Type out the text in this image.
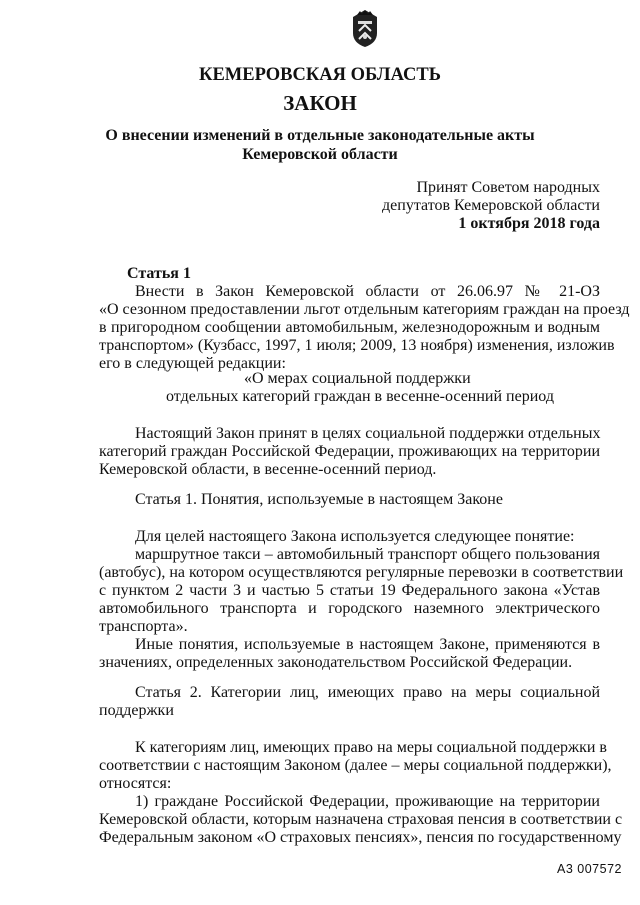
КЕМЕРОВСКАЯ ОБЛАСТЬ
ЗАКОН
О внесении изменений в отдельные законодательные акты
Кемеровской области
Принят Советом народных
депутатов Кемеровской области
1 октября 2018 года
Статья 1
Внести в Закон Кемеровской области от 26.06.97 № 21-ОЗ
«О сезонном предоставлении льгот отдельным категориям граждан на проезд
в пригородном сообщении автомобильным, железнодорожным и водным
транспортом» (Кузбасс, 1997, 1 июля; 2009, 13 ноября) изменения, изложив
его в следующей редакции:
«О мерах социальной поддержки
отдельных категорий граждан в весенне-осенний период
Настоящий Закон принят в целях социальной поддержки отдельных
категорий граждан Российской Федерации, проживающих на территории
Кемеровской области, в весенне-осенний период.
Статья 1. Понятия, используемые в настоящем Законе
Для целей настоящего Закона используется следующее понятие:
маршрутное такси – автомобильный транспорт общего пользования
(автобус), на котором осуществляются регулярные перевозки в соответствии
с пунктом 2 части 3 и частью 5 статьи 19 Федерального закона «Устав
автомобильного транспорта и городского наземного электрического
транспорта».
Иные понятия, используемые в настоящем Законе, применяются в
значениях, определенных законодательством Российской Федерации.
Статья 2. Категории лиц, имеющих право на меры социальной
поддержки
К категориям лиц, имеющих право на меры социальной поддержки в
соответствии с настоящим Законом (далее – меры социальной поддержки),
относятся:
1) граждане Российской Федерации, проживающие на территории
Кемеровской области, которым назначена страховая пенсия в соответствии с
Федеральным законом «О страховых пенсиях», пенсия по государственному
А3 007572
